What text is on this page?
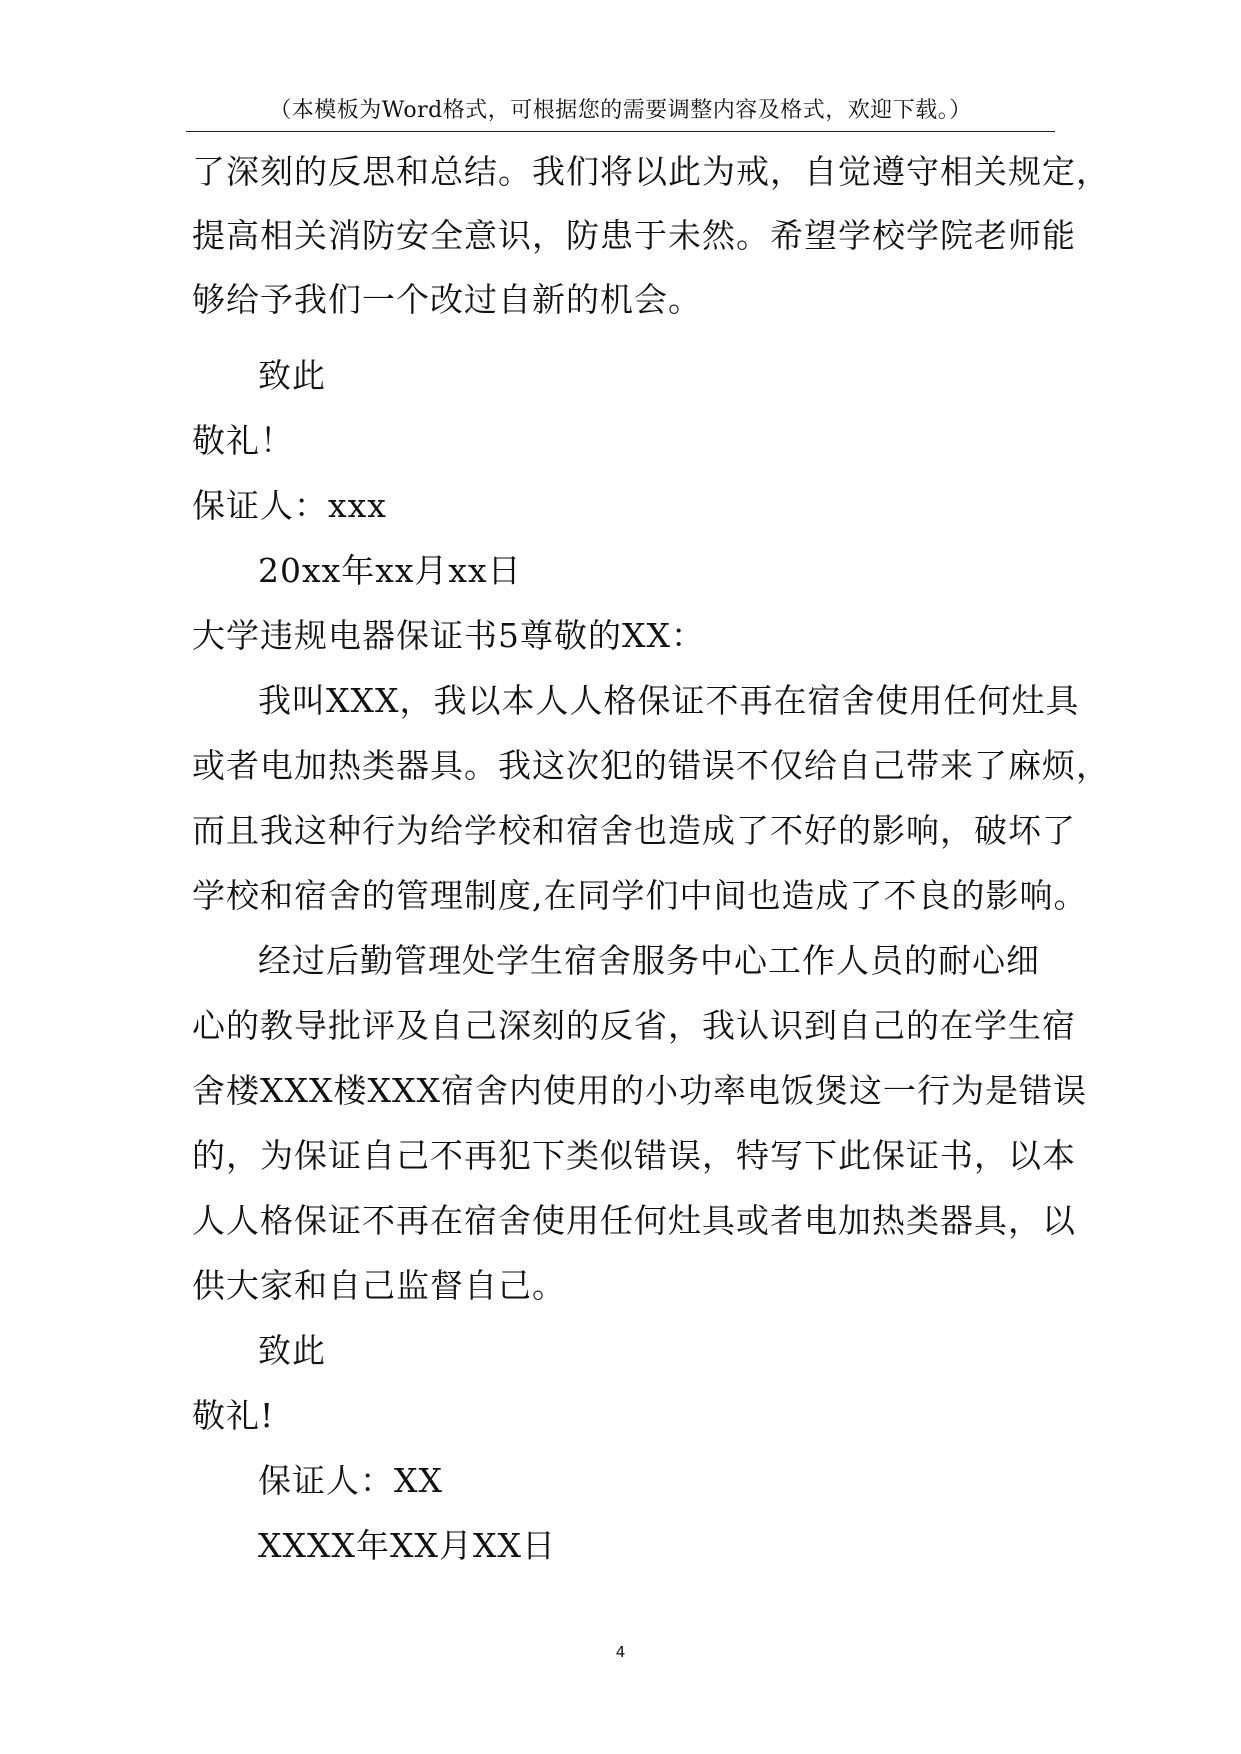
（本模板为Word格式，可根据您的需要调整内容及格式，欢迎下载。）
了深刻的反思和总结。我们将以此为戒，自觉遵守相关规定，
提高相关消防安全意识，防患于未然。希望学校学院老师能
够给予我们一个改过自新的机会。
致此
敬礼！
保证人：xxx
20xx年xx月xx日
大学违规电器保证书5尊敬的XX：
我叫XXX，我以本人人格保证不再在宿舍使用任何灶具
或者电加热类器具。我这次犯的错误不仅给自己带来了麻烦，
而且我这种行为给学校和宿舍也造成了不好的影响，破坏了
学校和宿舍的管理制度,在同学们中间也造成了不良的影响。
经过后勤管理处学生宿舍服务中心工作人员的耐心细
心的教导批评及自己深刻的反省，我认识到自己的在学生宿
舍楼XXX楼XXX宿舍内使用的小功率电饭煲这一行为是错误
的，为保证自己不再犯下类似错误，特写下此保证书，以本
人人格保证不再在宿舍使用任何灶具或者电加热类器具，以
供大家和自己监督自己。
致此
敬礼!
保证人：XX
XXXX年XX月XX日
4
